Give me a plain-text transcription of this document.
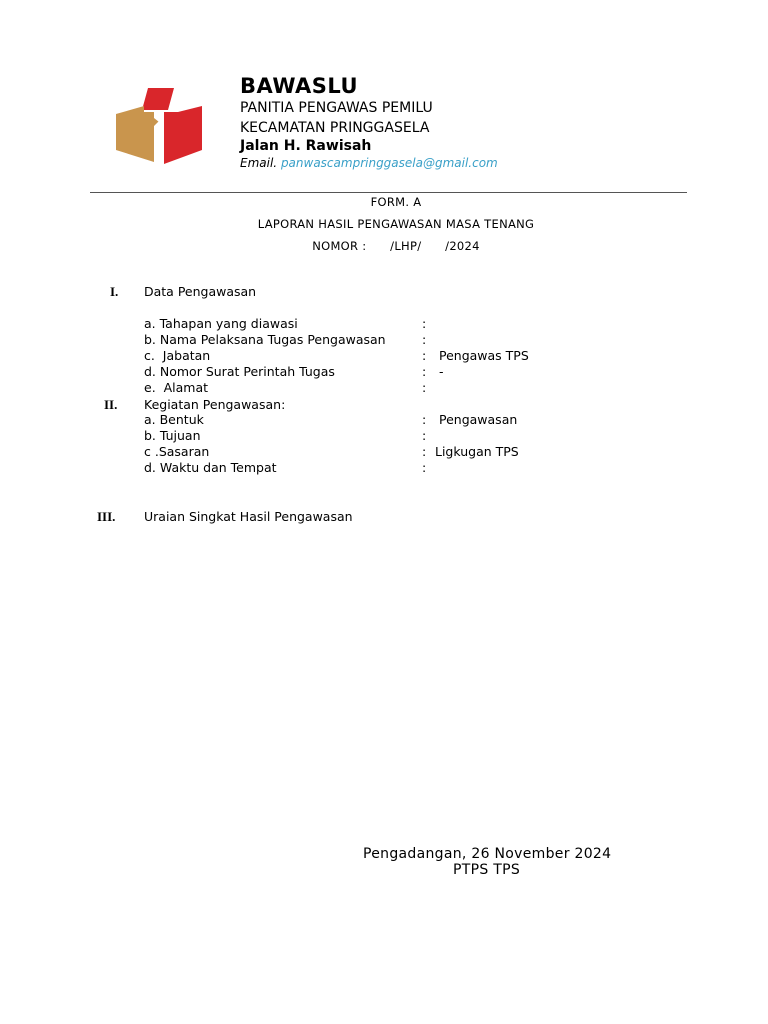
BAWASLU
PANITIA PENGAWAS PEMILU
KECAMATAN PRINGGASELA
Jalan H. Rawisah
Email. panwascampringgasela@gmail.com
FORM. A
LAPORAN HASIL PENGAWASAN MASA TENANG
NOMOR :      /LHP/      /2024
I. Data Pengawasan
a. Tahapan yang diawasi	:
b. Nama Pelaksana Tugas Pengawasan	:
c.  Jabatan	: Pengawas TPS
d. Nomor Surat Perintah Tugas	: -
e.  Alamat	:
II. Kegiatan Pengawasan:
a. Bentuk	: Pengawasan
b. Tujuan	:
c .Sasaran	: Ligkugan TPS
d. Waktu dan Tempat	:
III. Uraian Singkat Hasil Pengawasan
Pengadangan, 26 November 2024
PTPS TPS
